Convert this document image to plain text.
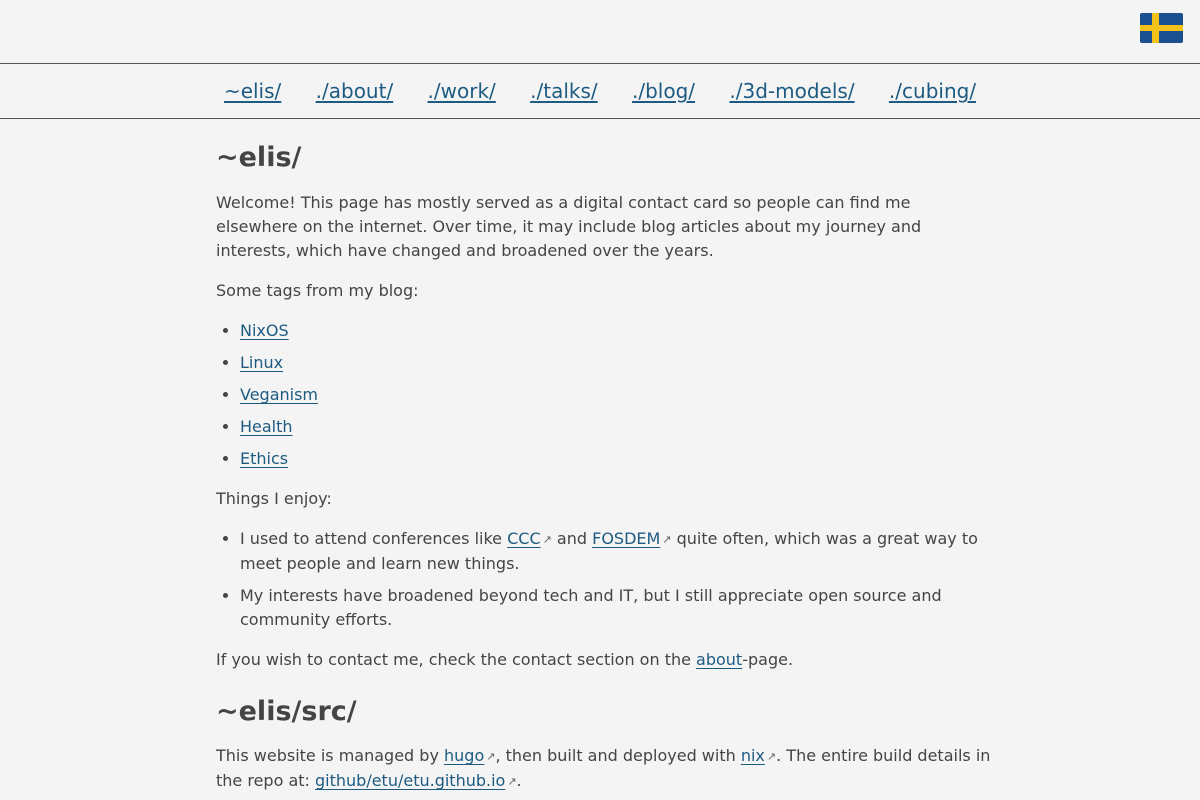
~elis/ ./about/ ./work/ ./talks/ ./blog/ ./3d-models/ ./cubing/
~elis/

Welcome! This page has mostly served as a digital contact card so people can find me elsewhere on the internet. Over time, it may include blog articles about my journey and interests, which have changed and broadened over the years.

Some tags from my blog:

• NixOS
• Linux
• Veganism
• Health
• Ethics

Things I enjoy:

• I used to attend conferences like CCC ↗ and FOSDEM ↗ quite often, which was a great way to meet people and learn new things.
• My interests have broadened beyond tech and IT, but I still appreciate open source and community efforts.

If you wish to contact me, check the contact section on the about-page.

~elis/src/

This website is managed by hugo ↗, then built and deployed with nix ↗. The entire build details in the repo at: github/etu/etu.github.io ↗.
